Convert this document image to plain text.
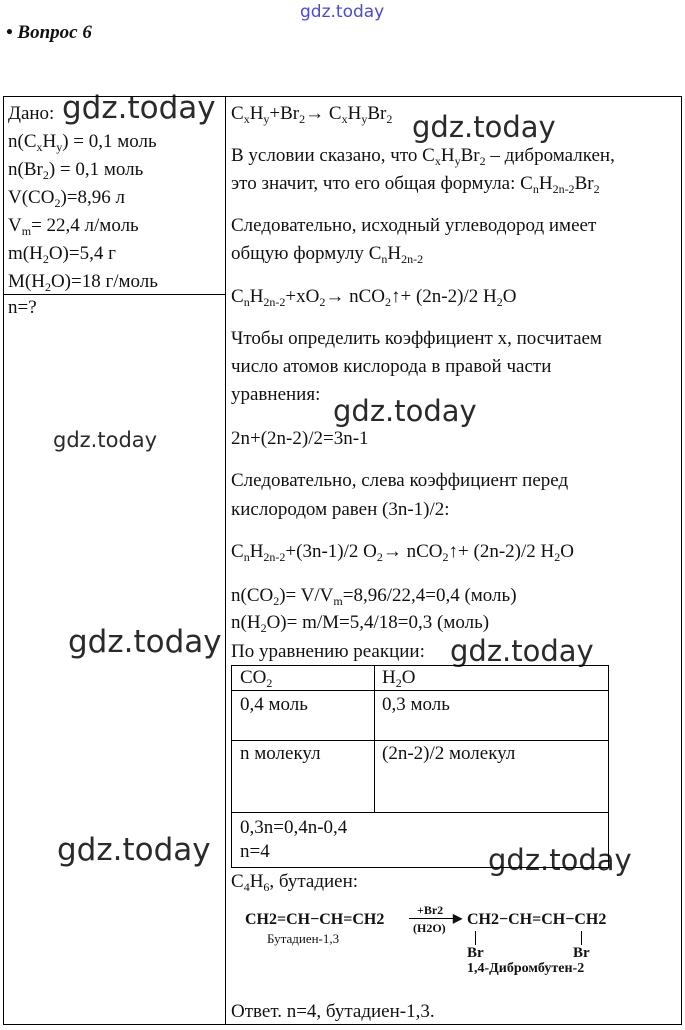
gdz.today
gdz.today
gdz.today
gdz.today
gdz.today
gdz.today	gdz.today
gdz.today	gdz.today
• Вопрос 6
Дано:
$n(C_xH_y) = 0,1$ моль
$n(Br_2) = 0,1$ моль
$V(CO_2)=8,96$ л
$V_m= 22,4$ л/моль
$m(H_2O)=5,4$ г
$M(H_2O)=18$ г/моль
n=?
$C_xH_y+Br_2\to C_xH_yBr_2$
В условии сказано, что $C_xH_yBr_2$ – дибромалкен,
это значит, что его общая формула: $C_nH_{2n-2}Br_2$
Следовательно, исходный углеводород имеет
общую формулу $C_nH_{2n-2}$
$C_nH_{2n-2}+xO_2\to$ nCO$_2$↑+ (2n-2)/2 $H_2O$
Чтобы определить коэффициент x, посчитаем
число атомов кислорода в правой части
уравнения:
2n+(2n-2)/2=3n-1
Следовательно, слева коэффициент перед
кислородом равен (3n-1)/2:
$C_nH_{2n-2}+(3n-1)/2$ $O_2\to$ nCO$_2$↑+ (2n-2)/2 $H_2O$
$n(CO_2)= V/V_m=8,96/22,4=0,4$ (моль)
$n(H_2O)= m/M=5,4/18=0,3$ (моль)
По уравнению реакции:
$C_4H_6$, бутадиен:
Ответ. n=4, бутадиен-1,3.
$CO_2$	$H_2O$
0,4 моль	0,3 моль
n молекул	(2n-2)/2 молекул
0,3n=0,4n-0,4
n=4
CH2=CH−CH=CH2
Бутадиен-1,3
+Br2
▶
(H2O) CH2−CH=CH−CH2
Br	Br
1,4-Дибромбутен-2
